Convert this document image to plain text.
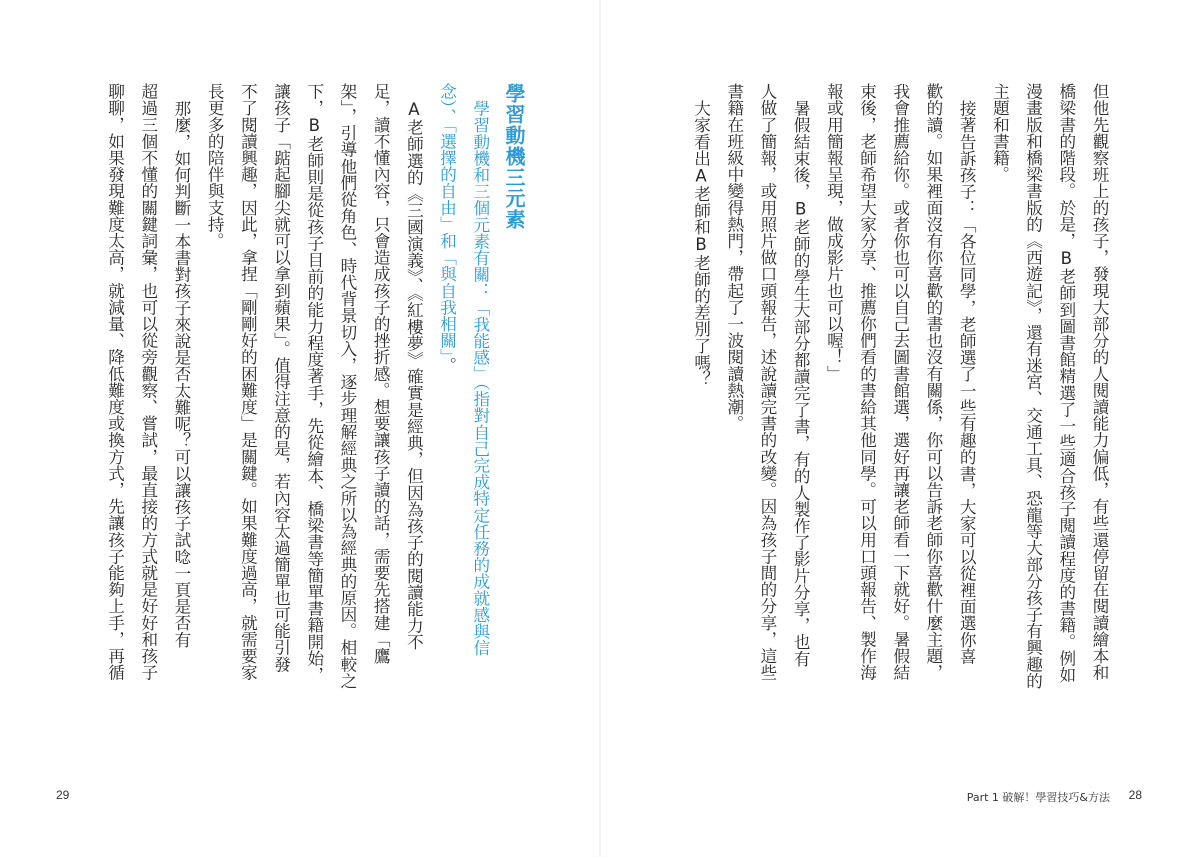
學習動機三元素

學習動機和三個元素有關：「我能感」（指對自己完成特定任務的成就感與信

念）、「選擇的自由」和「與自我相關」。

A老師選的《三國演義》、《紅樓夢》確實是經典，但因為孩子的閱讀能力不

足，讀不懂內容，只會造成孩子的挫折感。想要讓孩子讀的話，需要先搭建「鷹

架」，引導他們從角色、時代背景切入，逐步理解經典之所以為經典的原因。相較之

下，B老師則是從孩子目前的能力程度著手，先從繪本、橋梁書等簡單書籍開始，

讓孩子「踮起腳尖就可以拿到蘋果」。值得注意的是，若內容太過簡單也可能引發

不了閱讀興趣，因此，拿捏「剛剛好的困難度」是關鍵。如果難度過高，就需要家

長更多的陪伴與支持。

那麼，如何判斷一本書對孩子來說是否太難呢？可以讓孩子試唸一頁是否有

超過三個不懂的關鍵詞彙，也可以從旁觀察、嘗試，最直接的方式就是好好和孩子

聊聊，如果發現難度太高，就減量、降低難度或換方式，先讓孩子能夠上手，再循

29

但他先觀察班上的孩子，發現大部分的人閱讀能力偏低，有些還停留在閱讀繪本和

橋梁書的階段。於是，B老師到圖書館精選了一些適合孩子閱讀程度的書籍。例如

漫畫版和橋梁書版的《西遊記》，還有迷宮、交通工具、恐龍等大部分孩子有興趣的

主題和書籍。

接著告訴孩子：「各位同學，老師選了一些有趣的書，大家可以從裡面選你喜

歡的讀。如果裡面沒有你喜歡的書也沒有關係，你可以告訴老師你喜歡什麼主題，

我會推薦給你。或者你也可以自己去圖書館選，選好再讓老師看一下就好。暑假結

束後，老師希望大家分享、推薦你們看的書給其他同學。可以用口頭報告、製作海

報或用簡報呈現，做成影片也可以喔！」

暑假結束後，B老師的學生大部分都讀完了書，有的人製作了影片分享，也有

人做了簡報，或用照片做口頭報告，述說讀完書的改變。因為孩子間的分享，這些

書籍在班級中變得熱門，帶起了一波閱讀熱潮。

大家看出A老師和B老師的差別了嗎？

Part 1 破解！學習技巧&方法 28
